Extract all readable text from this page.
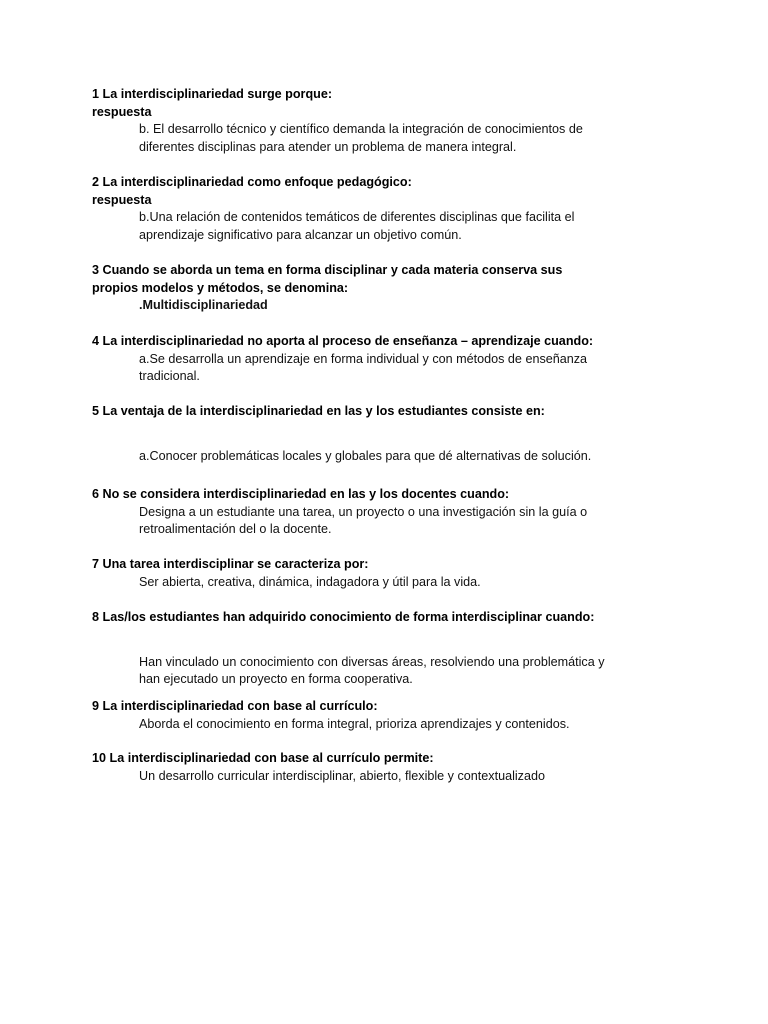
1 La interdisciplinariedad surge porque:
respuesta
b. El desarrollo técnico y científico demanda la integración de conocimientos de
diferentes disciplinas para atender un problema de manera integral.
2 La interdisciplinariedad como enfoque pedagógico:
respuesta
b.Una relación de contenidos temáticos de diferentes disciplinas que facilita el
aprendizaje significativo para alcanzar un objetivo común.
3 Cuando se aborda un tema en forma disciplinar y cada materia conserva sus
propios modelos y métodos, se denomina:
.Multidisciplinariedad
4 La interdisciplinariedad no aporta al proceso de enseñanza – aprendizaje cuando:
a.Se desarrolla un aprendizaje en forma individual y con métodos de enseñanza
tradicional.
5 La ventaja de la interdisciplinariedad en las y los estudiantes consiste en:
a.Conocer problemáticas locales y globales para que dé alternativas de solución.
6 No se considera interdisciplinariedad en las y los docentes cuando:
Designa a un estudiante una tarea, un proyecto o una investigación sin la guía o
retroalimentación del o la docente.
7 Una tarea interdisciplinar se caracteriza por:
Ser abierta, creativa, dinámica, indagadora y útil para la vida.
8 Las/los estudiantes han adquirido conocimiento de forma interdisciplinar cuando:
Han vinculado un conocimiento con diversas áreas, resolviendo una problemática y
han ejecutado un proyecto en forma cooperativa.
9 La interdisciplinariedad con base al currículo:
Aborda el conocimiento en forma integral, prioriza aprendizajes y contenidos.
10 La interdisciplinariedad con base al currículo permite:
Un desarrollo curricular interdisciplinar, abierto, flexible y contextualizado
